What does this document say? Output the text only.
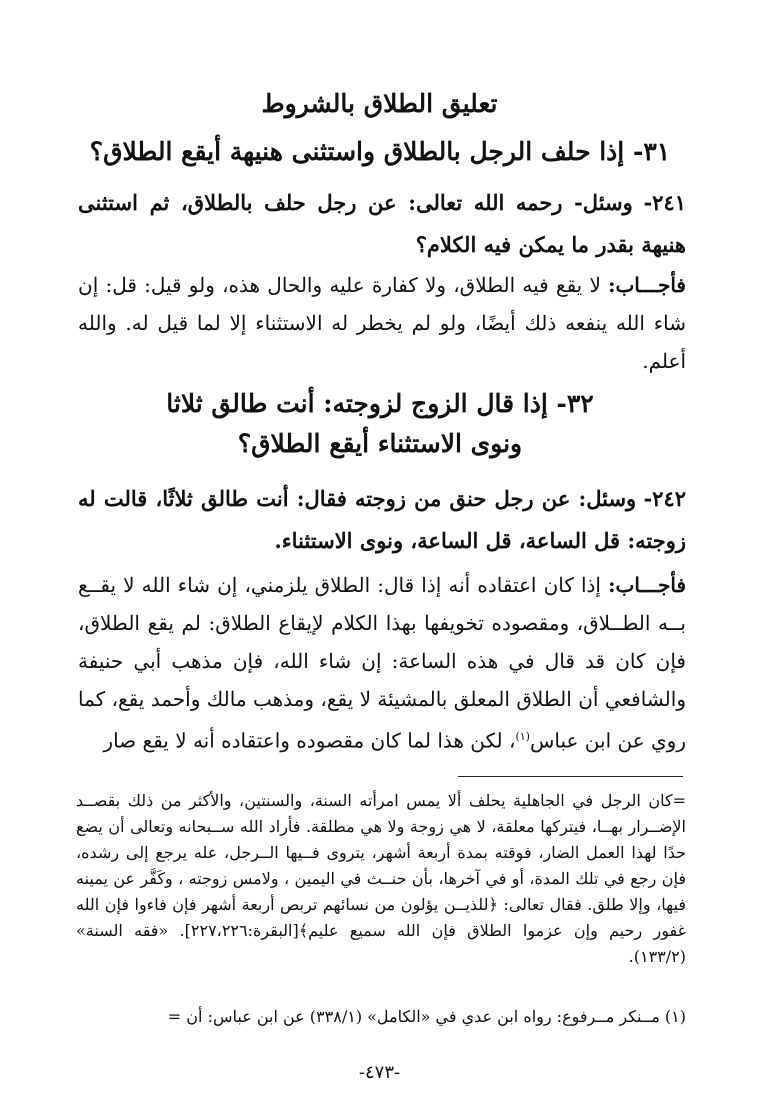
تعليق الطلاق بالشروط
٣١- إذا حلف الرجل بالطلاق واستثنى هنيهة أيقع الطلاق؟
٢٤١- وسئل- رحمه الله تعالى: عن رجل حلف بالطلاق، ثم استثنى هنيهة بقدر ما يمكن فيه الكلام؟
فأجـــاب: لا يقع فيه الطلاق، ولا كفارة عليه والحال هذه، ولو قيل: قل: إن شاء الله ينفعه ذلك أيضًا، ولو لم يخطر له الاستثناء إلا لما قيل له. والله أعلم.
٣٢- إذا قال الزوج لزوجته: أنت طالق ثلاثا
ونوى الاستثناء أيقع الطلاق؟
٢٤٢- وسئل: عن رجل حنق من زوجته فقال: أنت طالق ثلاثًا، قالت له زوجته: قل الساعة، قل الساعة، ونوى الاستثناء.
فأجـــاب: إذا كان اعتقاده أنه إذا قال: الطلاق يلزمني، إن شاء الله لا يقــع بــه الطــلاق، ومقصوده تخويفها بهذا الكلام لإيقاع الطلاق: لم يقع الطلاق، فإن كان قد قال في هذه الساعة: إن شاء الله، فإن مذهب أبي حنيفة والشافعي أن الطلاق المعلق بالمشيئة لا يقع، ومذهب مالك وأحمد يقع، كما روي عن ابن عباس$^{(١)}$، لكن هذا لما كان مقصوده واعتقاده أنه لا يقع صار
=كان الرجل في الجاهلية يحلف ألا يمس امرأته السنة، والسنتين، والأكثر من ذلك بقصــد الإضــرار بهــا، فيتركها معلقة، لا هي زوجة ولا هي مطلقة. فأراد الله ســبحانه وتعالى أن يضع حدًا لهذا العمل الضار، فوقته بمدة أربعة أشهر، يتروى فــيها الــرجل، عله يرجع إلى رشده، فإن رجع في تلك المدة، أو في آخرها، بأن حنــث في اليمين ، ولامس زوجته ، وكَفَّر عن يمينه فيها، وإلا طلق. فقال تعالى: ﴿للذيــن يؤلون من نسائهم تربص أربعة أشهر فإن فاءوا فإن الله غفور رحيم وإن عزموا الطلاق فإن الله سميع عليم﴾[البقرة:٢٢٧،٢٢٦]. «فقه السنة» (١٣٣/٢).
(١) مــنكر مــرفوع: رواه ابن عدي في «الكامل» (٣٣٨/١) عن ابن عباس: أن =
-٤٧٣-
